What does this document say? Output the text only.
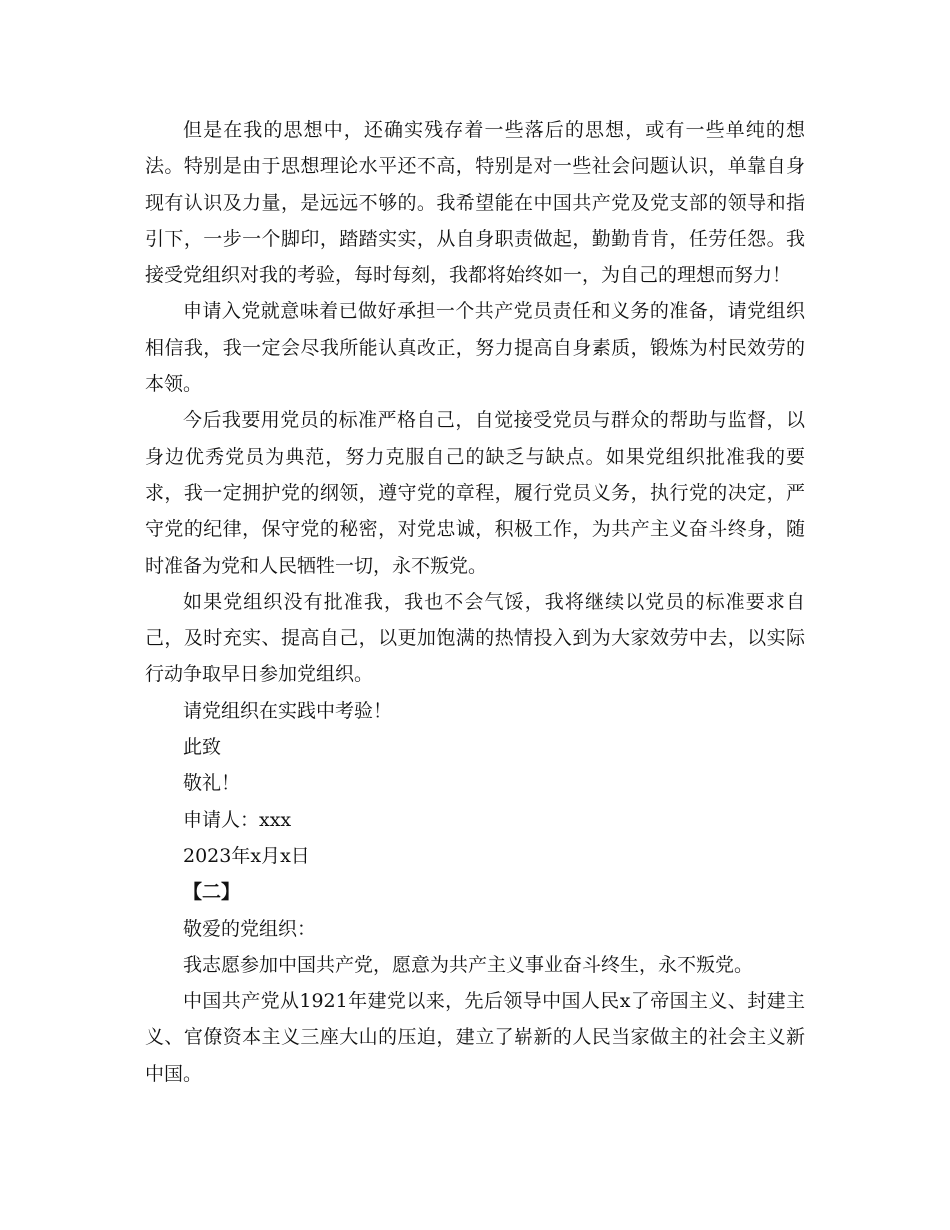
但是在我的思想中，还确实残存着一些落后的思想，或有一些单纯的想法。特别是由于思想理论水平还不高，特别是对一些社会问题认识，单靠自身现有认识及力量，是远远不够的。我希望能在中国共产党及党支部的领导和指引下，一步一个脚印，踏踏实实，从自身职责做起，勤勤肯肯，任劳任怨。我接受党组织对我的考验，每时每刻，我都将始终如一，为自己的理想而努力！

申请入党就意味着已做好承担一个共产党员责任和义务的准备，请党组织相信我，我一定会尽我所能认真改正，努力提高自身素质，锻炼为村民效劳的本领。

今后我要用党员的标准严格自己，自觉接受党员与群众的帮助与监督，以身边优秀党员为典范，努力克服自己的缺乏与缺点。如果党组织批准我的要求，我一定拥护党的纲领，遵守党的章程，履行党员义务，执行党的决定，严守党的纪律，保守党的秘密，对党忠诚，积极工作，为共产主义奋斗终身，随时准备为党和人民牺牲一切，永不叛党。

如果党组织没有批准我，我也不会气馁，我将继续以党员的标准要求自己，及时充实、提高自己，以更加饱满的热情投入到为大家效劳中去，以实际行动争取早日参加党组织。

请党组织在实践中考验！

此致

敬礼！

申请人：xxx

2023年x月x日

【二】

敬爱的党组织：

我志愿参加中国共产党，愿意为共产主义事业奋斗终生，永不叛党。

中国共产党从1921年建党以来，先后领导中国人民x了帝国主义、封建主义、官僚资本主义三座大山的压迫，建立了崭新的人民当家做主的社会主义新中国。
